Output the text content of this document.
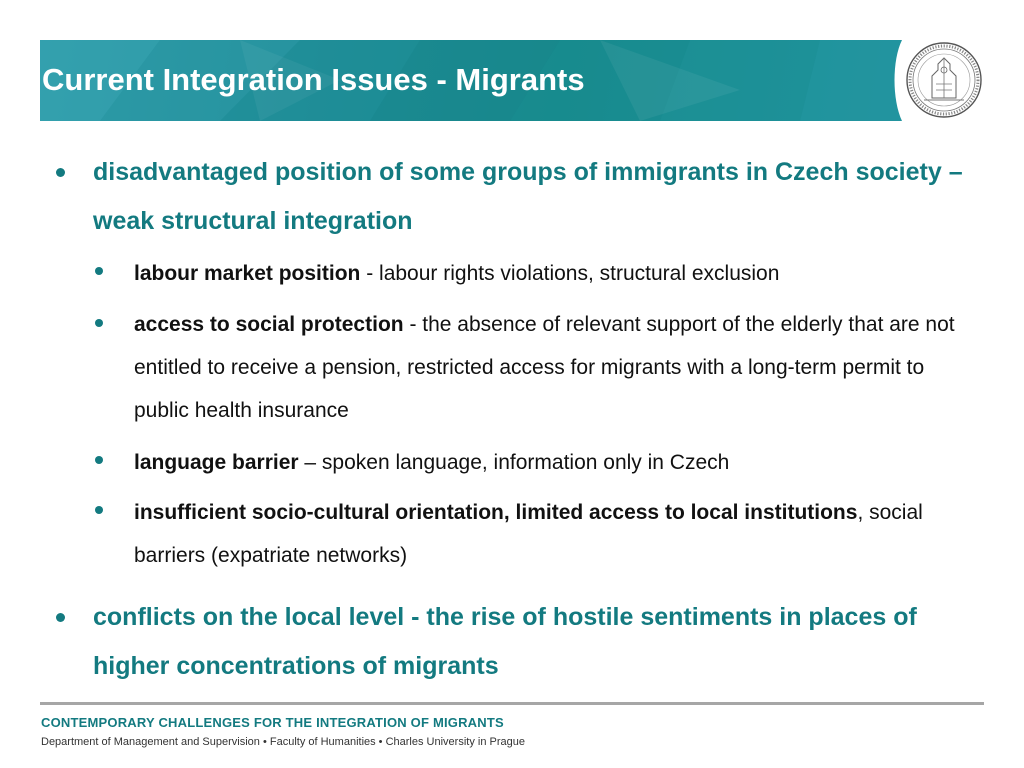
Current Integration Issues - Migrants
disadvantaged position of some groups of immigrants in Czech society – weak structural integration
labour market position - labour rights violations, structural exclusion
access to social protection - the absence of relevant support of the elderly that are not entitled to receive a pension, restricted access for migrants with a long-term permit to public health insurance
language barrier – spoken language, information only in Czech
insufficient socio-cultural orientation, limited access to local institutions, social barriers (expatriate networks)
conflicts on the local level - the rise of hostile sentiments in places of higher concentrations of migrants
CONTEMPORARY CHALLENGES FOR THE INTEGRATION OF MIGRANTS
Department of Management and Supervision • Faculty of Humanities • Charles University in Prague
